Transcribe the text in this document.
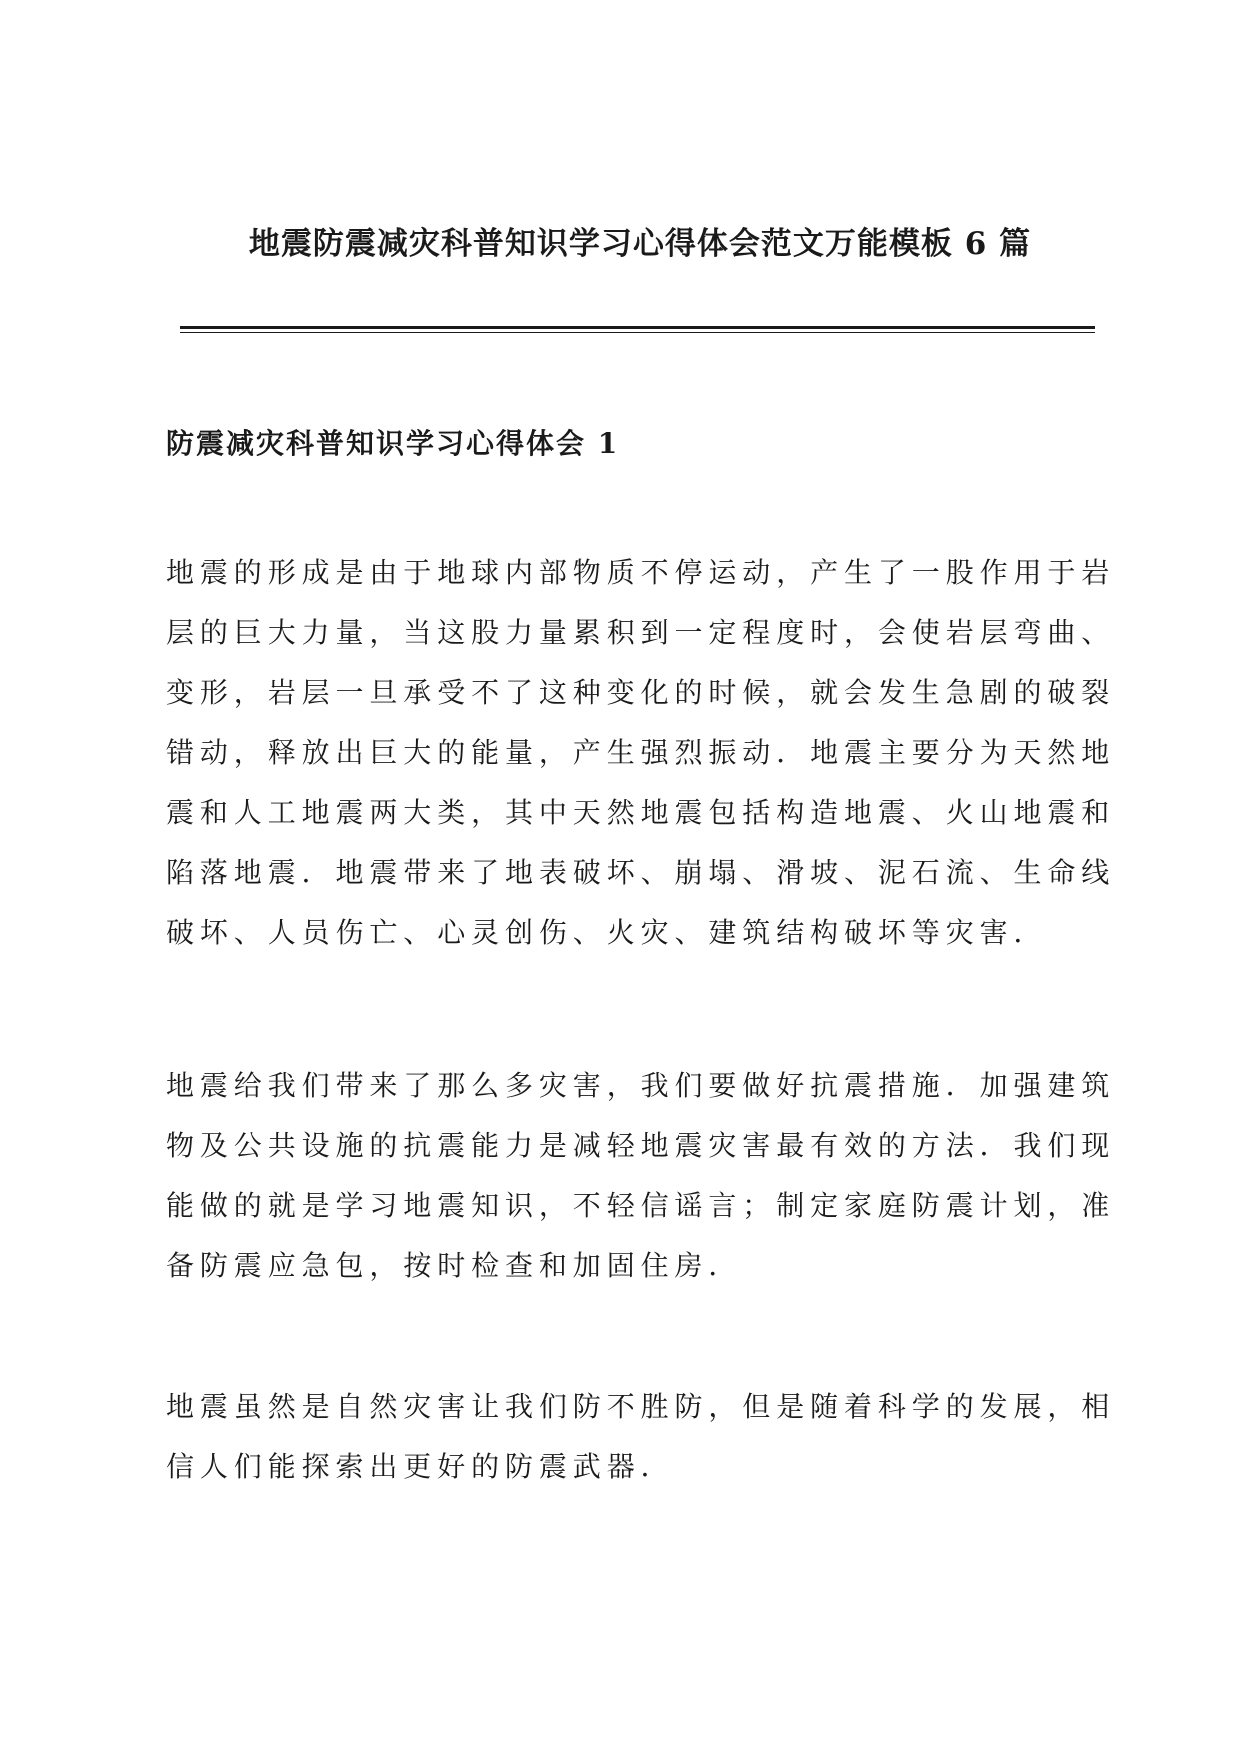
地震防震减灾科普知识学习心得体会范文万能模板 6 篇
防震减灾科普知识学习心得体会 1
地震的形成是由于地球内部物质不停运动，产生了一股作用于岩
层的巨大力量，当这股力量累积到一定程度时，会使岩层弯曲、
变形，岩层一旦承受不了这种变化的时候，就会发生急剧的破裂
错动，释放出巨大的能量，产生强烈振动．地震主要分为天然地
震和人工地震两大类，其中天然地震包括构造地震、火山地震和
陷落地震．地震带来了地表破坏、崩塌、滑坡、泥石流、生命线
破坏、人员伤亡、心灵创伤、火灾、建筑结构破坏等灾害．
地震给我们带来了那么多灾害，我们要做好抗震措施．加强建筑
物及公共设施的抗震能力是减轻地震灾害最有效的方法．我们现
能做的就是学习地震知识，不轻信谣言；制定家庭防震计划，准
备防震应急包，按时检查和加固住房．
地震虽然是自然灾害让我们防不胜防，但是随着科学的发展，相
信人们能探索出更好的防震武器．
